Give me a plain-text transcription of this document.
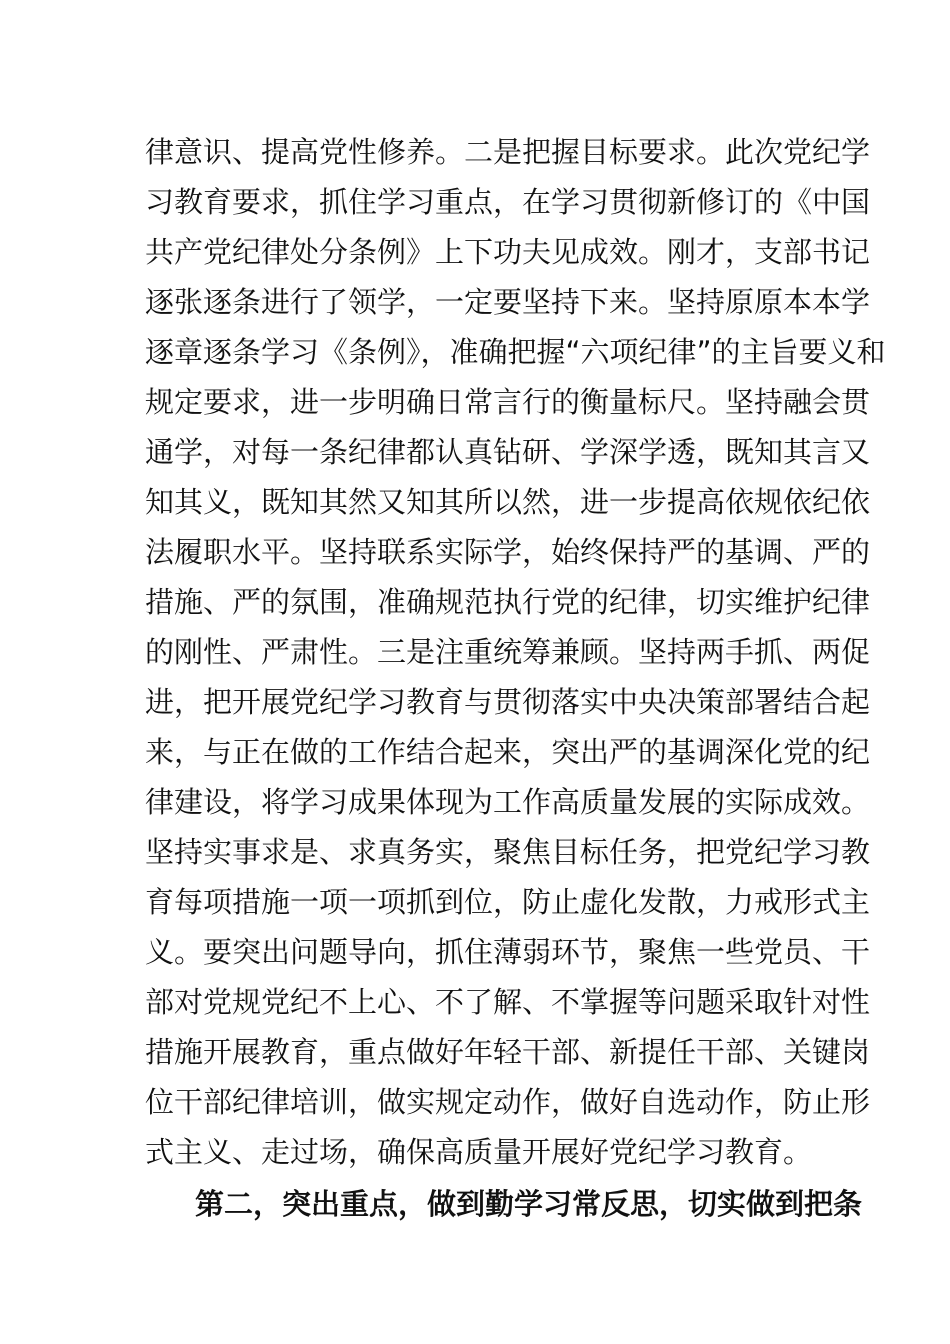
律意识、提高党性修养。二是把握目标要求。此次党纪学
习教育要求，抓住学习重点，在学习贯彻新修订的《中国
共产党纪律处分条例》上下功夫见成效。刚才，支部书记
逐张逐条进行了领学，一定要坚持下来。坚持原原本本学
逐章逐条学习《条例》，准确把握“六项纪律”的主旨要义和
规定要求，进一步明确日常言行的衡量标尺。坚持融会贯
通学，对每一条纪律都认真钻研、学深学透，既知其言又
知其义，既知其然又知其所以然，进一步提高依规依纪依
法履职水平。坚持联系实际学，始终保持严的基调、严的
措施、严的氛围，准确规范执行党的纪律，切实维护纪律
的刚性、严肃性。三是注重统筹兼顾。坚持两手抓、两促
进，把开展党纪学习教育与贯彻落实中央决策部署结合起
来，与正在做的工作结合起来，突出严的基调深化党的纪
律建设，将学习成果体现为工作高质量发展的实际成效。
坚持实事求是、求真务实，聚焦目标任务，把党纪学习教
育每项措施一项一项抓到位，防止虚化发散，力戒形式主
义。要突出问题导向，抓住薄弱环节，聚焦一些党员、干
部对党规党纪不上心、不了解、不掌握等问题采取针对性
措施开展教育，重点做好年轻干部、新提任干部、关键岗
位干部纪律培训，做实规定动作，做好自选动作，防止形
式主义、走过场，确保高质量开展好党纪学习教育。
第二，突出重点，做到勤学习常反思，切实做到把条
